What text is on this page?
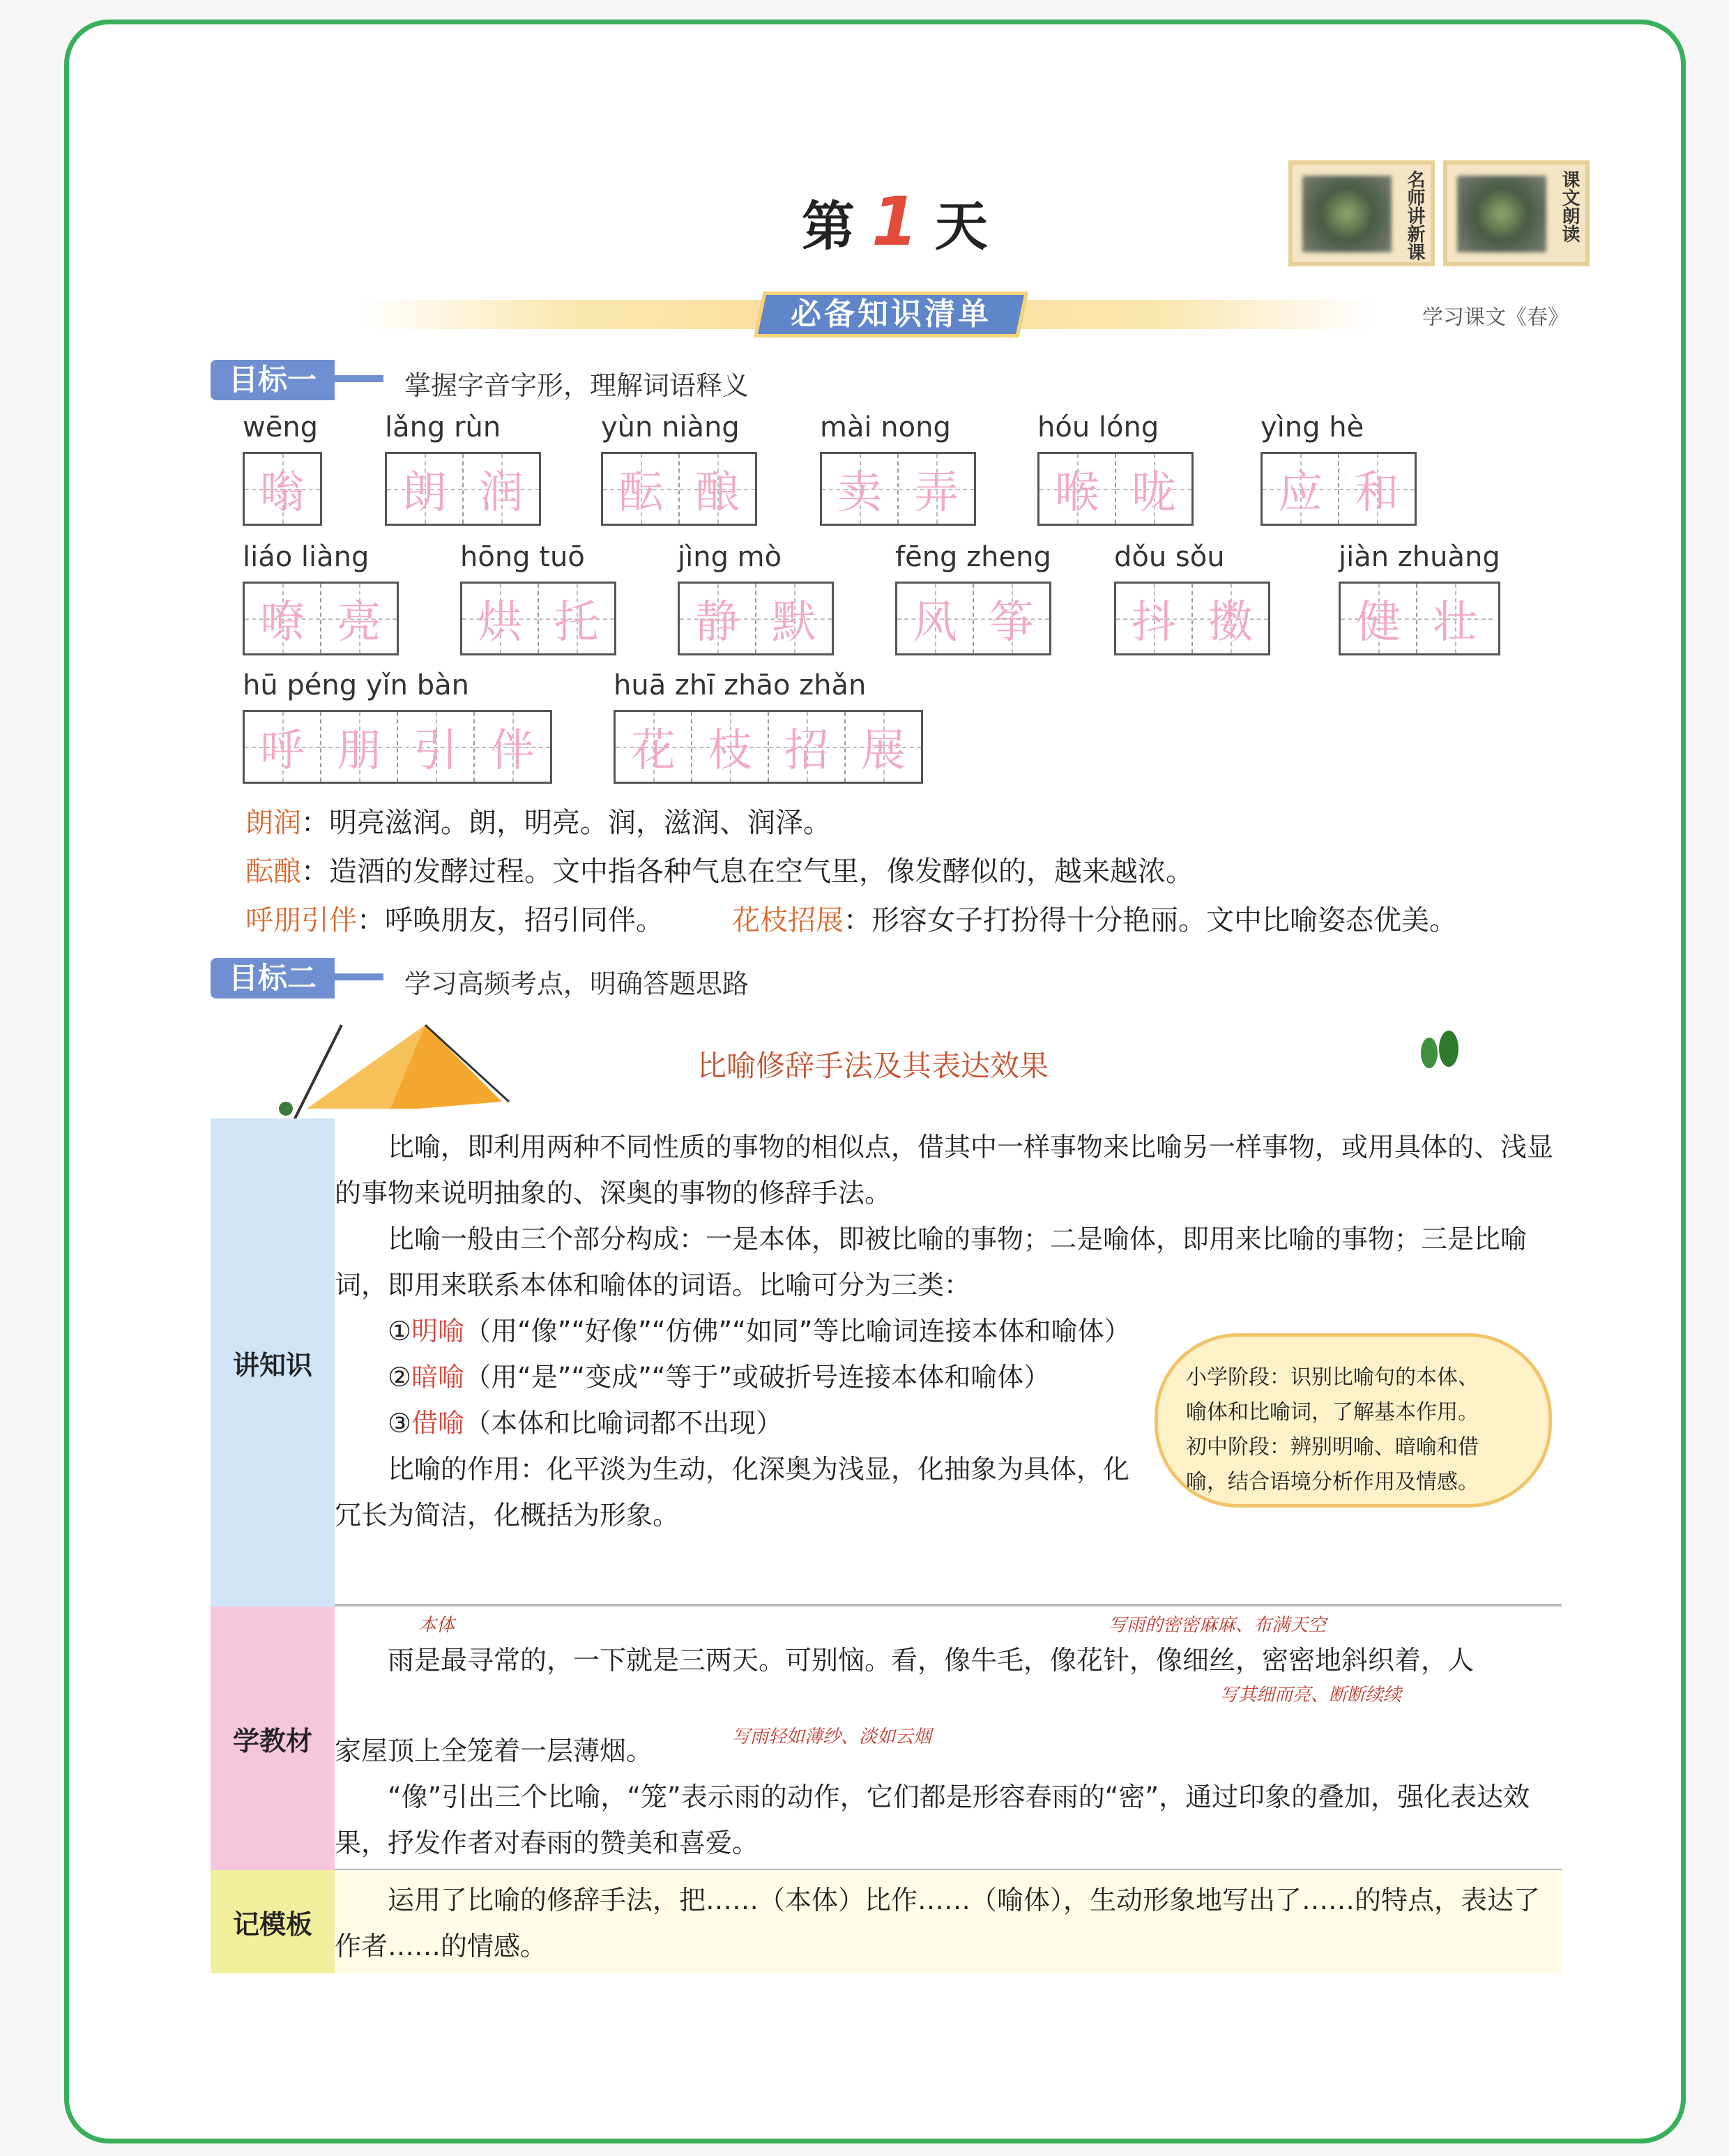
第 1 天	名师讲新课	课文朗读
必备知识清单	学习课文《春》
目标一	掌握字音字形，理解词语释义
wēng
嗡
lǎng rùn
朗 润
yùn niàng
酝 酿
mài nong
卖 弄
hóu lóng
喉 咙
yìng hè
应 和
liáo liàng
嘹 亮
hōng tuō
烘 托
jìng mò
静 默
fēng zheng
风 筝
dǒu sǒu
抖 擞
jiàn zhuàng
健 壮
hū péng yǐn bàn
呼 朋 引 伴
huā zhī zhāo zhǎn
花 枝 招 展
朗润：明亮滋润。朗，明亮。润，滋润、润泽。
酝酿：造酒的发酵过程。文中指各种气息在空气里，像发酵似的，越来越浓。
呼朋引伴：呼唤朋友，招引同伴。 花枝招展：形容女子打扮得十分艳丽。文中比喻姿态优美。
目标二	学习高频考点，明确答题思路
比喻修辞手法及其表达效果
讲知识
学教材
记模板

比喻，即利用两种不同性质的事物的相似点，借其中一样事物来比喻另一样事物，或用具体的、浅显的事物来说明抽象的、深奥的事物的修辞手法。

比喻一般由三个部分构成：一是本体，即被比喻的事物；二是喻体，即用来比喻的事物；三是比喻词，即用来联系本体和喻体的词语。比喻可分为三类：

①明喻（用“像”“好像”“仿佛”“如同”等比喻词连接本体和喻体）

②暗喻（用“是”“变成”“等于”或破折号连接本体和喻体）

③借喻（本体和比喻词都不出现）

比喻的作用：化平淡为生动，化深奥为浅显，化抽象为具体，化冗长为简洁，化概括为形象。

小学阶段：识别比喻句的本体、
喻体和比喻词，了解基本作用。
初中阶段：辨别明喻、暗喻和借
喻，结合语境分析作用及情感。
本体	写雨的密密麻麻、布满天空
雨是最寻常的，一下就是三两天。可别恼。看，像牛毛，像花针，像细丝，密密地斜织着，人
写其细而亮、断断续续
家屋顶上全笼着一层薄烟。	写雨轻如薄纱、淡如云烟

“像”引出三个比喻，“笼”表示雨的动作，它们都是形容春雨的“密”，通过印象的叠加，强化表达效果，抒发作者对春雨的赞美和喜爱。

运用了比喻的修辞手法，把……（本体）比作……（喻体），生动形象地写出了……的特点，表达了作者……的情感。
